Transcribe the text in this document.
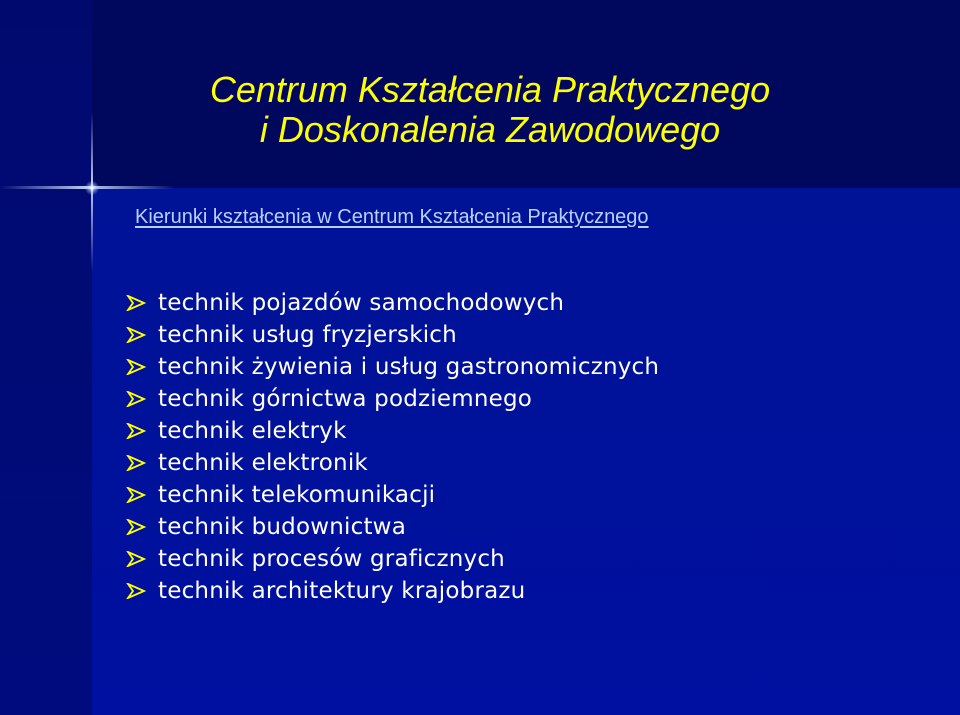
Centrum Kształcenia Praktycznego
i Doskonalenia Zawodowego

Kierunki kształcenia w Centrum Kształcenia Praktycznego

technik pojazdów samochodowych
technik usług fryzjerskich
technik żywienia i usług gastronomicznych
technik górnictwa podziemnego
technik elektryk
technik elektronik
technik telekomunikacji
technik budownictwa
technik procesów graficznych
technik architektury krajobrazu
